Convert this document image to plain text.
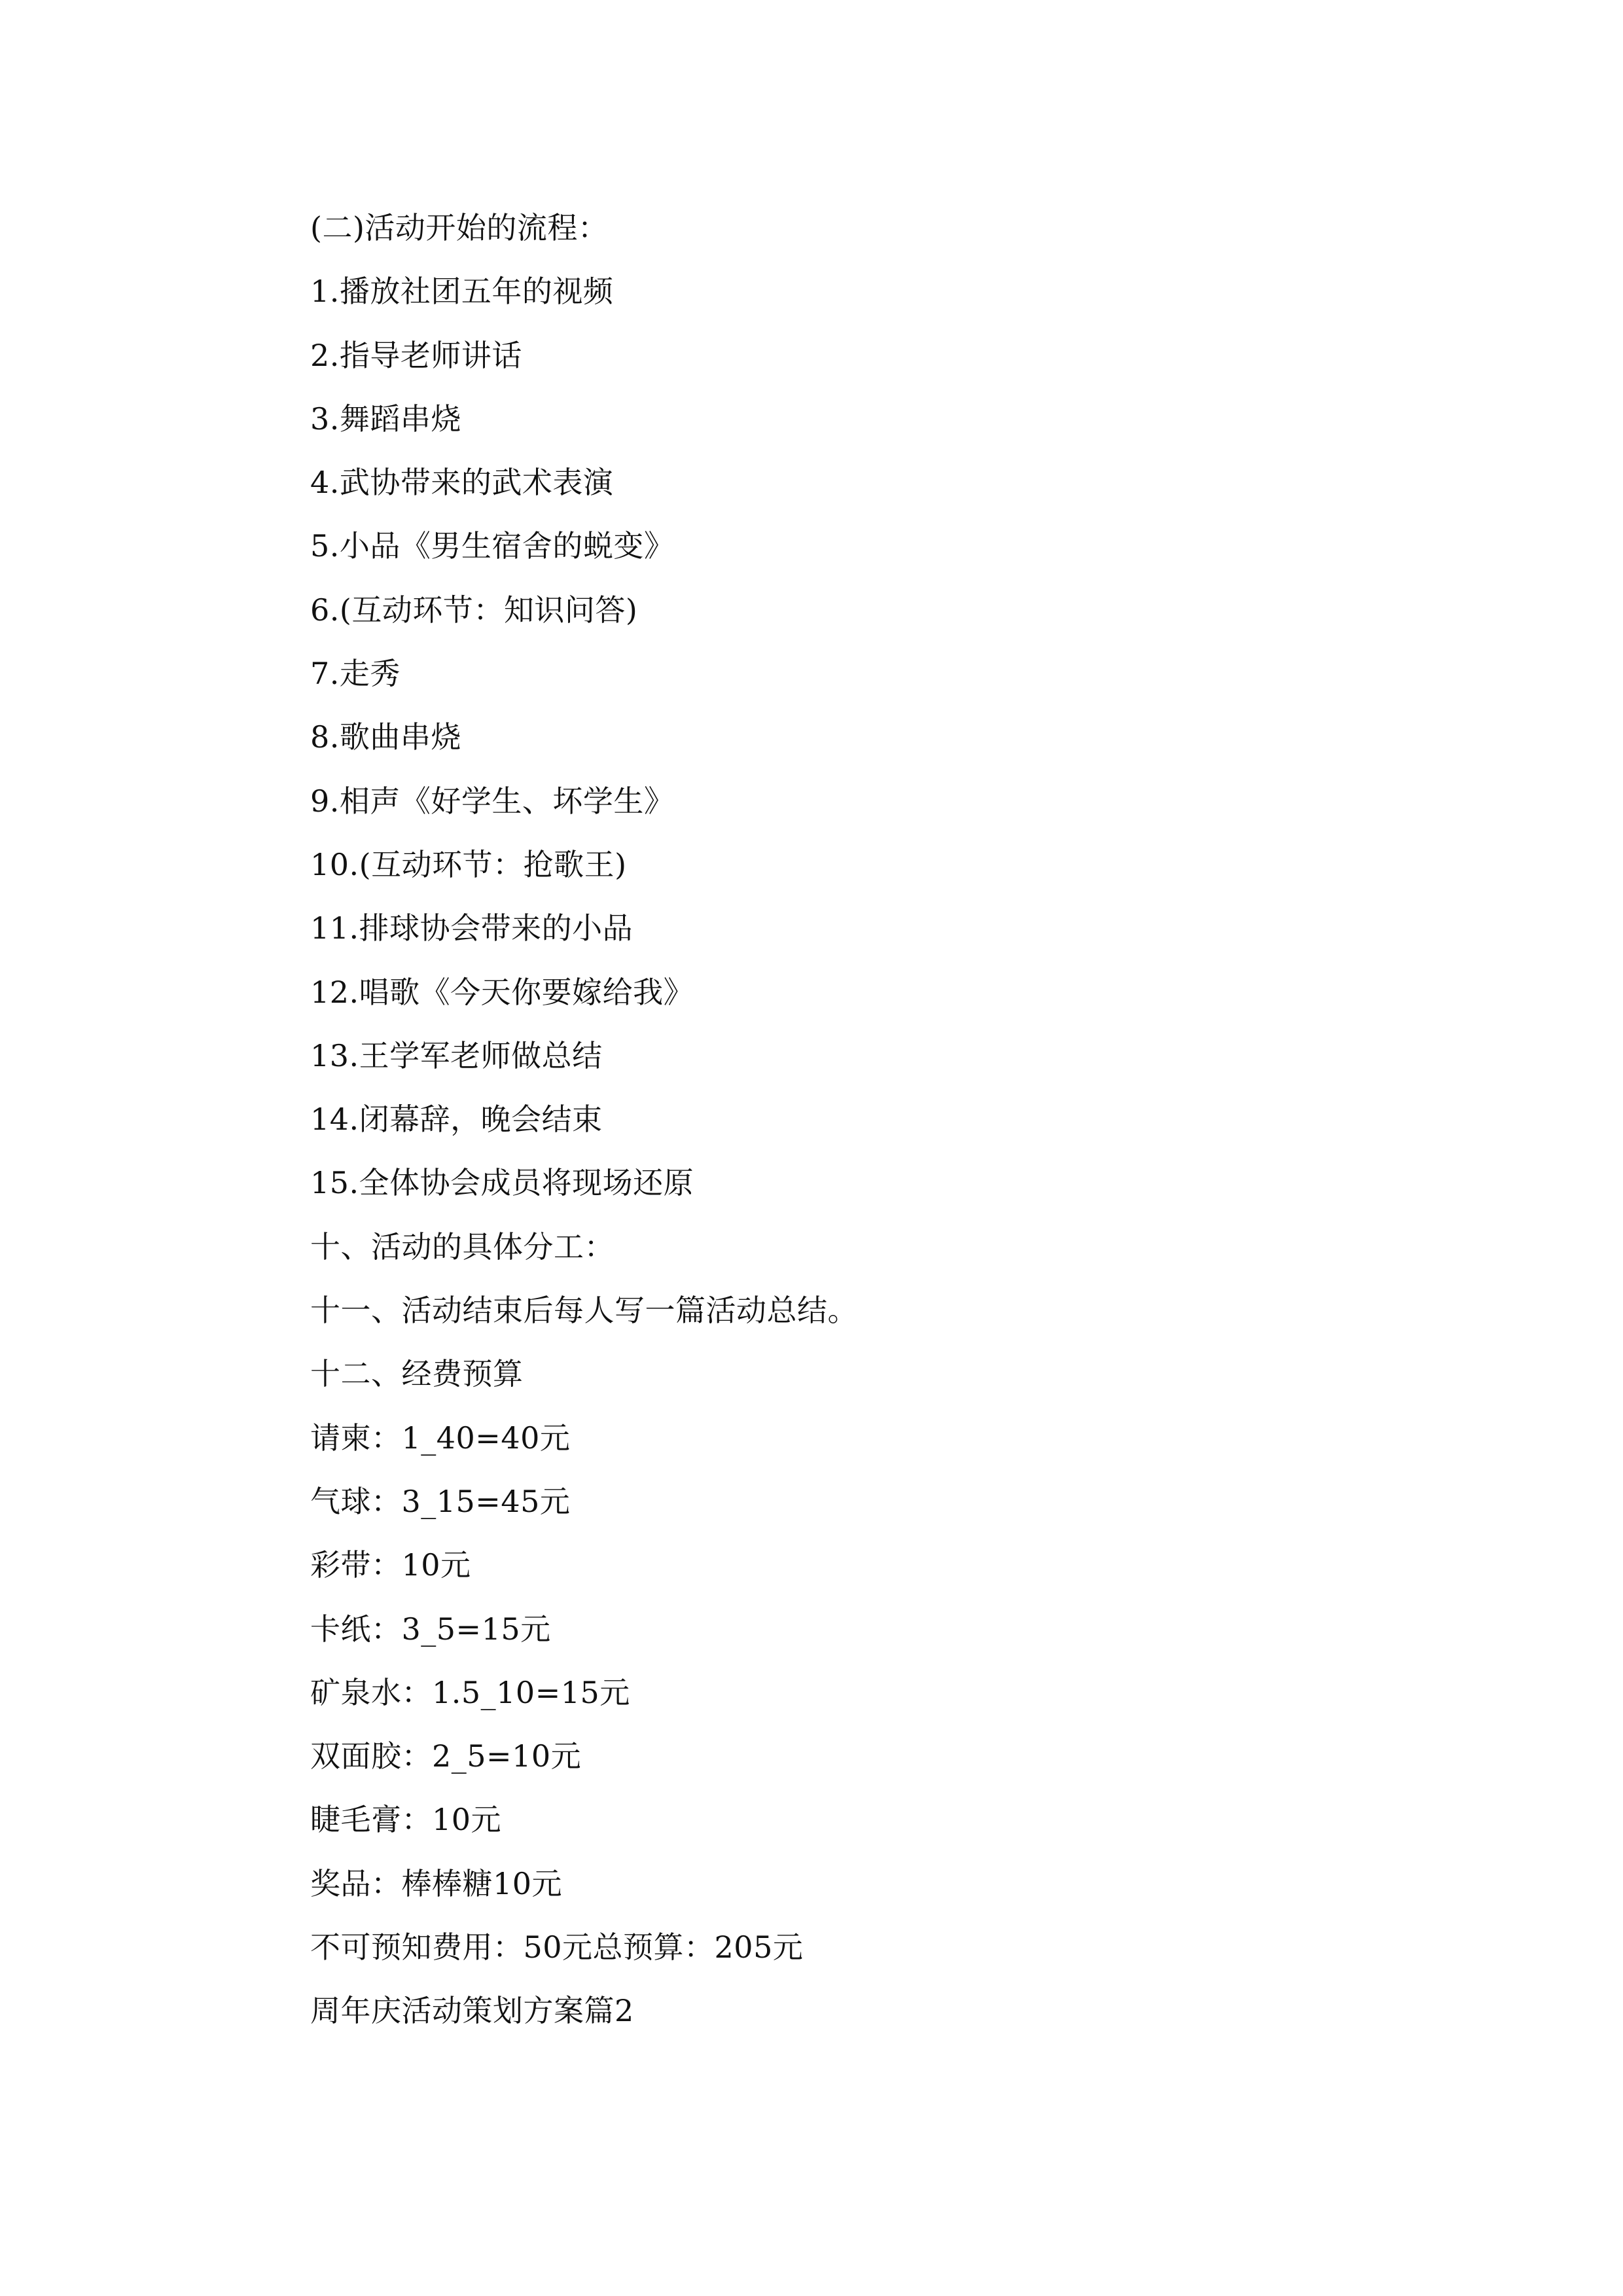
(二)活动开始的流程：
1.播放社团五年的视频
2.指导老师讲话
3.舞蹈串烧
4.武协带来的武术表演
5.小品《男生宿舍的蜕变》
6.(互动环节：知识问答)
7.走秀
8.歌曲串烧
9.相声《好学生、坏学生》
10.(互动环节：抢歌王)
11.排球协会带来的小品
12.唱歌《今天你要嫁给我》
13.王学军老师做总结
14.闭幕辞，晚会结束
15.全体协会成员将现场还原
十、活动的具体分工：
十一、活动结束后每人写一篇活动总结。
十二、经费预算
请柬：1_40=40元
气球：3_15=45元
彩带：10元
卡纸：3_5=15元
矿泉水：1.5_10=15元
双面胶：2_5=10元
睫毛膏：10元
奖品：棒棒糖10元
不可预知费用：50元总预算：205元
周年庆活动策划方案篇2
